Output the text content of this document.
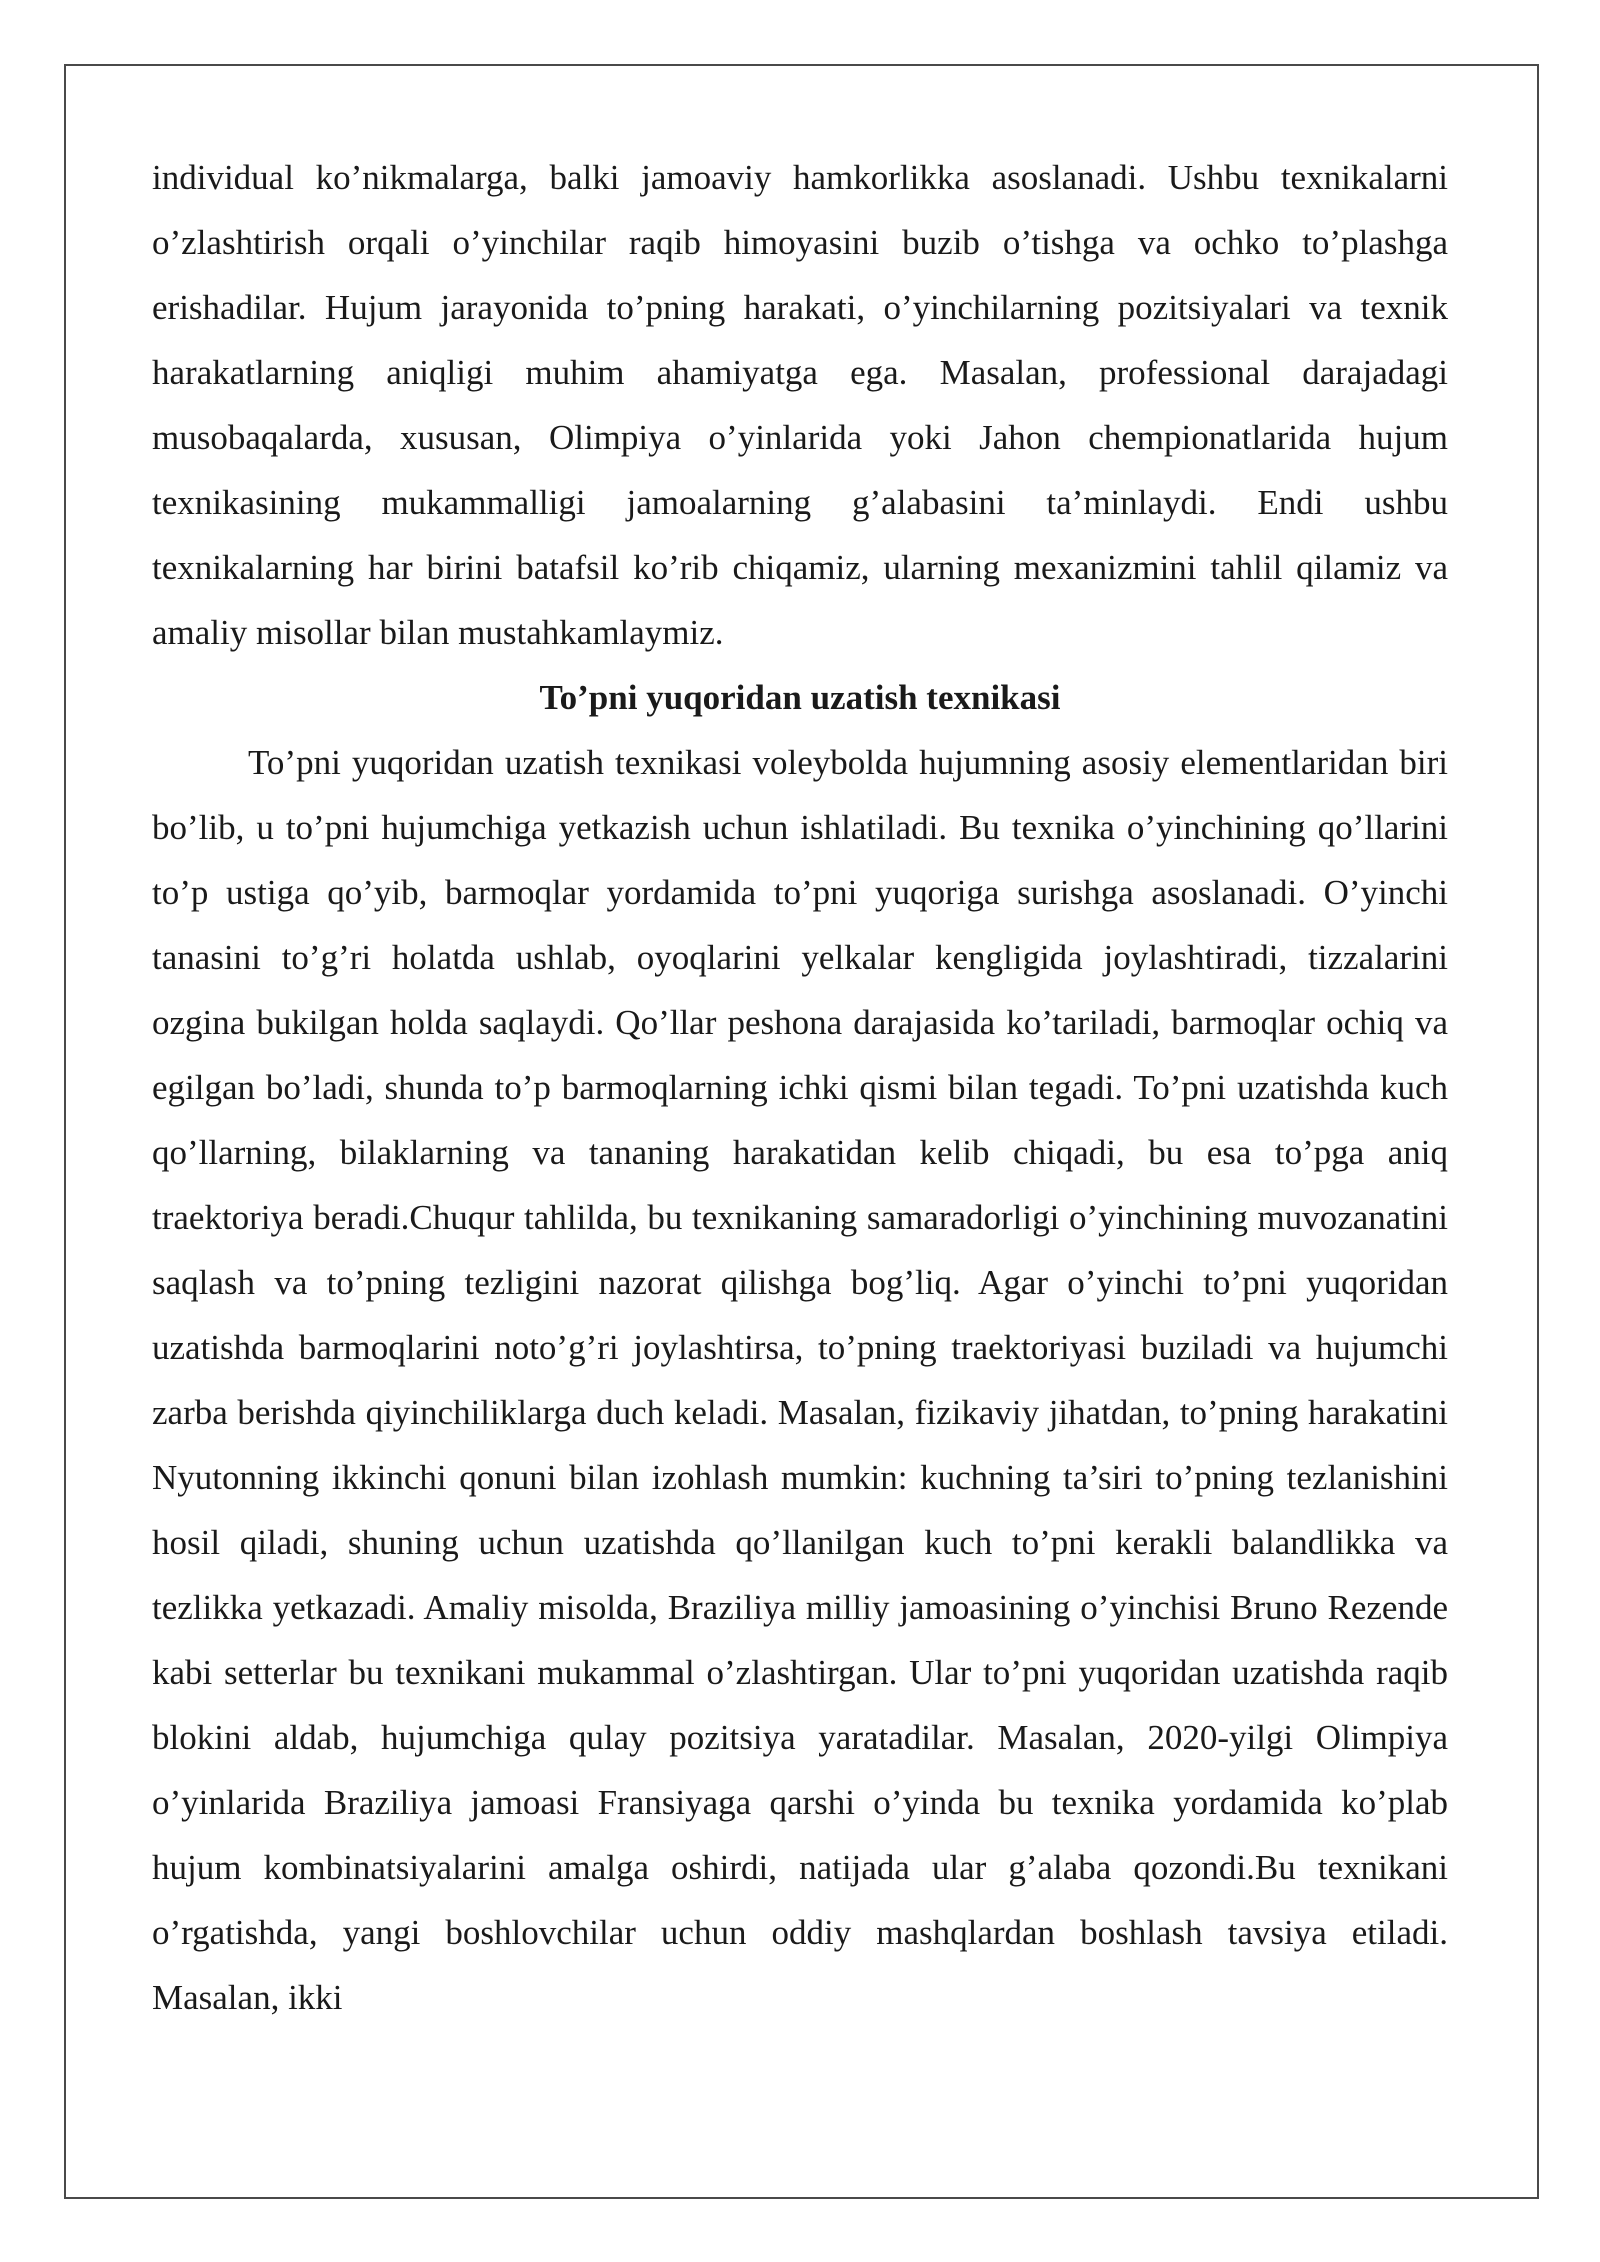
individual ko’nikmalarga, balki jamoaviy hamkorlikka asoslanadi. Ushbu texnikalarni o’zlashtirish orqali o’yinchilar raqib himoyasini buzib o’tishga va ochko to’plashga erishadilar. Hujum jarayonida to’pning harakati, o’yinchilarning pozitsiyalari va texnik harakatlarning aniqligi muhim ahamiyatga ega. Masalan, professional darajadagi musobaqalarda, xususan, Olimpiya o’yinlarida yoki Jahon chempionatlarida hujum texnikasining mukammalligi jamoalarning g’alabasini ta’minlaydi. Endi ushbu texnikalarning har birini batafsil ko’rib chiqamiz, ularning mexanizmini tahlil qilamiz va amaliy misollar bilan mustahkamlaymiz.

To’pni yuqoridan uzatish texnikasi

To’pni yuqoridan uzatish texnikasi voleybolda hujumning asosiy elementlaridan biri bo’lib, u to’pni hujumchiga yetkazish uchun ishlatiladi. Bu texnika o’yinchining qo’llarini to’p ustiga qo’yib, barmoqlar yordamida to’pni yuqoriga surishga asoslanadi. O’yinchi tanasini to’g’ri holatda ushlab, oyoqlarini yelkalar kengligida joylashtiradi, tizzalarini ozgina bukilgan holda saqlaydi. Qo’llar peshona darajasida ko’tariladi, barmoqlar ochiq va egilgan bo’ladi, shunda to’p barmoqlarning ichki qismi bilan tegadi. To’pni uzatishda kuch qo’llarning, bilaklarning va tananing harakatidan kelib chiqadi, bu esa to’pga aniq traektoriya beradi.Chuqur tahlilda, bu texnikaning samaradorligi o’yinchining muvozanatini saqlash va to’pning tezligini nazorat qilishga bog’liq. Agar o’yinchi to’pni yuqoridan uzatishda barmoqlarini noto’g’ri joylashtirsa, to’pning traektoriyasi buziladi va hujumchi zarba berishda qiyinchiliklarga duch keladi. Masalan, fizikaviy jihatdan, to’pning harakatini Nyutonning ikkinchi qonuni bilan izohlash mumkin: kuchning ta’siri to’pning tezlanishini hosil qiladi, shuning uchun uzatishda qo’llanilgan kuch to’pni kerakli balandlikka va tezlikka yetkazadi. Amaliy misolda, Braziliya milliy jamoasining o’yinchisi Bruno Rezende kabi setterlar bu texnikani mukammal o’zlashtirgan. Ular to’pni yuqoridan uzatishda raqib blokini aldab, hujumchiga qulay pozitsiya yaratadilar. Masalan, 2020-yilgi Olimpiya o’yinlarida Braziliya jamoasi Fransiyaga qarshi o’yinda bu texnika yordamida ko’plab hujum kombinatsiyalarini amalga oshirdi, natijada ular g’alaba qozondi.Bu texnikani o’rgatishda, yangi boshlovchilar uchun oddiy mashqlardan boshlash tavsiya etiladi. Masalan, ikki
